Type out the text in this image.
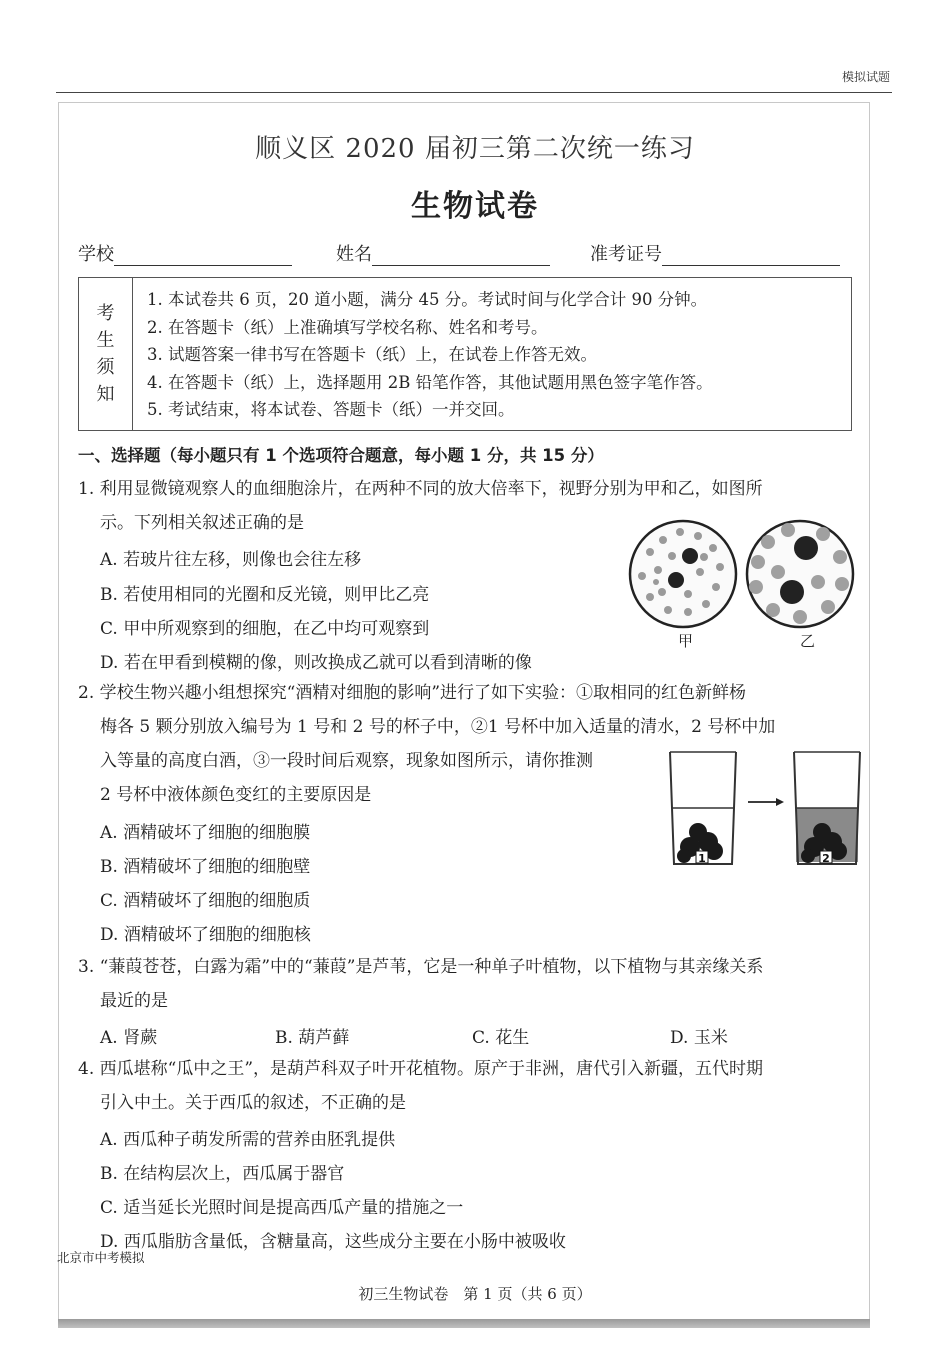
模拟试题
顺义区 2020 届初三第二次统一练习
生物试卷
学校	姓名	准考证号
考
生
须
知
1. 本试卷共 6 页，20 道小题，满分 45 分。考试时间与化学合计 90 分钟。
2. 在答题卡（纸）上准确填写学校名称、姓名和考号。
3. 试题答案一律书写在答题卡（纸）上，在试卷上作答无效。
4. 在答题卡（纸）上，选择题用 2B 铅笔作答，其他试题用黑色签字笔作答。
5. 考试结束，将本试卷、答题卡（纸）一并交回。
一、选择题（每小题只有 1 个选项符合题意，每小题 1 分，共 15 分）
1. 利用显微镜观察人的血细胞涂片，在两种不同的放大倍率下，视野分别为甲和乙，如图所
示。下列相关叙述正确的是
A. 若玻片往左移，则像也会往左移
B. 若使用相同的光圈和反光镜，则甲比乙亮
C. 甲中所观察到的细胞，在乙中均可观察到
D. 若在甲看到模糊的像，则改换成乙就可以看到清晰的像
甲	乙
2. 学校生物兴趣小组想探究“酒精对细胞的影响”进行了如下实验：①取相同的红色新鲜杨
梅各 5 颗分别放入编号为 1 号和 2 号的杯子中，②1 号杯中加入适量的清水，2 号杯中加
入等量的高度白酒，③一段时间后观察，现象如图所示，请你推测
2 号杯中液体颜色变红的主要原因是
A. 酒精破坏了细胞的细胞膜
B. 酒精破坏了细胞的细胞壁
C. 酒精破坏了细胞的细胞质
D. 酒精破坏了细胞的细胞核
1	2
3. “蒹葭苍苍，白露为霜”中的“蒹葭”是芦苇，它是一种单子叶植物，以下植物与其亲缘关系
最近的是
A. 肾蕨	B. 葫芦藓	C. 花生	D. 玉米
4. 西瓜堪称“瓜中之王”，是葫芦科双子叶开花植物。原产于非洲，唐代引入新疆，五代时期
引入中土。关于西瓜的叙述，不正确的是
A. 西瓜种子萌发所需的营养由胚乳提供
B. 在结构层次上，西瓜属于器官
C. 适当延长光照时间是提高西瓜产量的措施之一
D. 西瓜脂肪含量低，含糖量高，这些成分主要在小肠中被吸收
北京市中考模拟
初三生物试卷　第 1 页（共 6 页）
